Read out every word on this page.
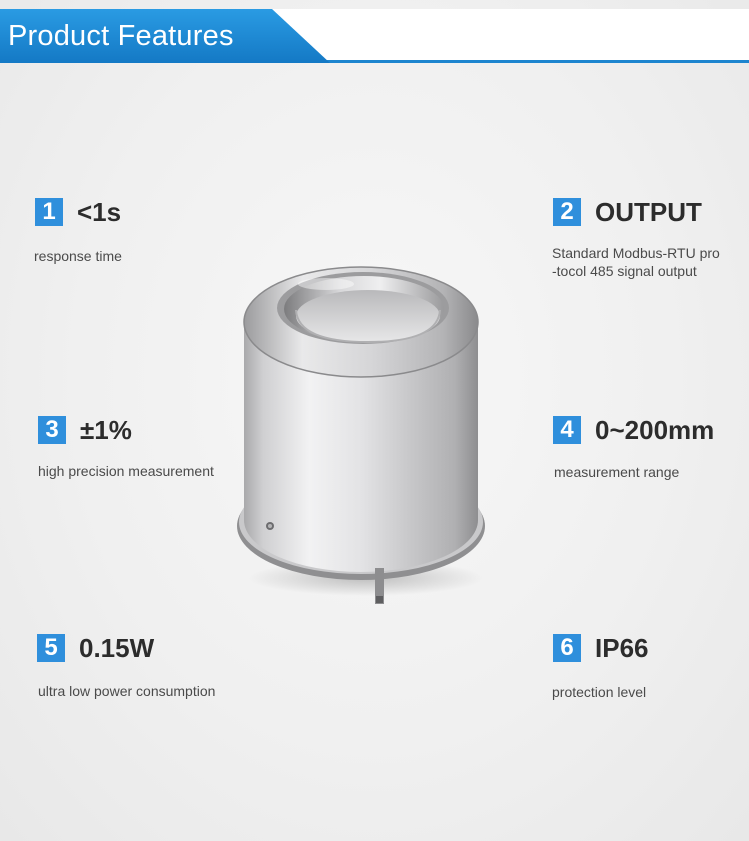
Product Features
1 <1s
response time
2 OUTPUT
Standard Modbus-RTU pro
-tocol 485 signal output
3 ±1%
high precision measurement
4 0~200mm
measurement range
5 0.15W
ultra low power consumption
6 IP66
protection level
